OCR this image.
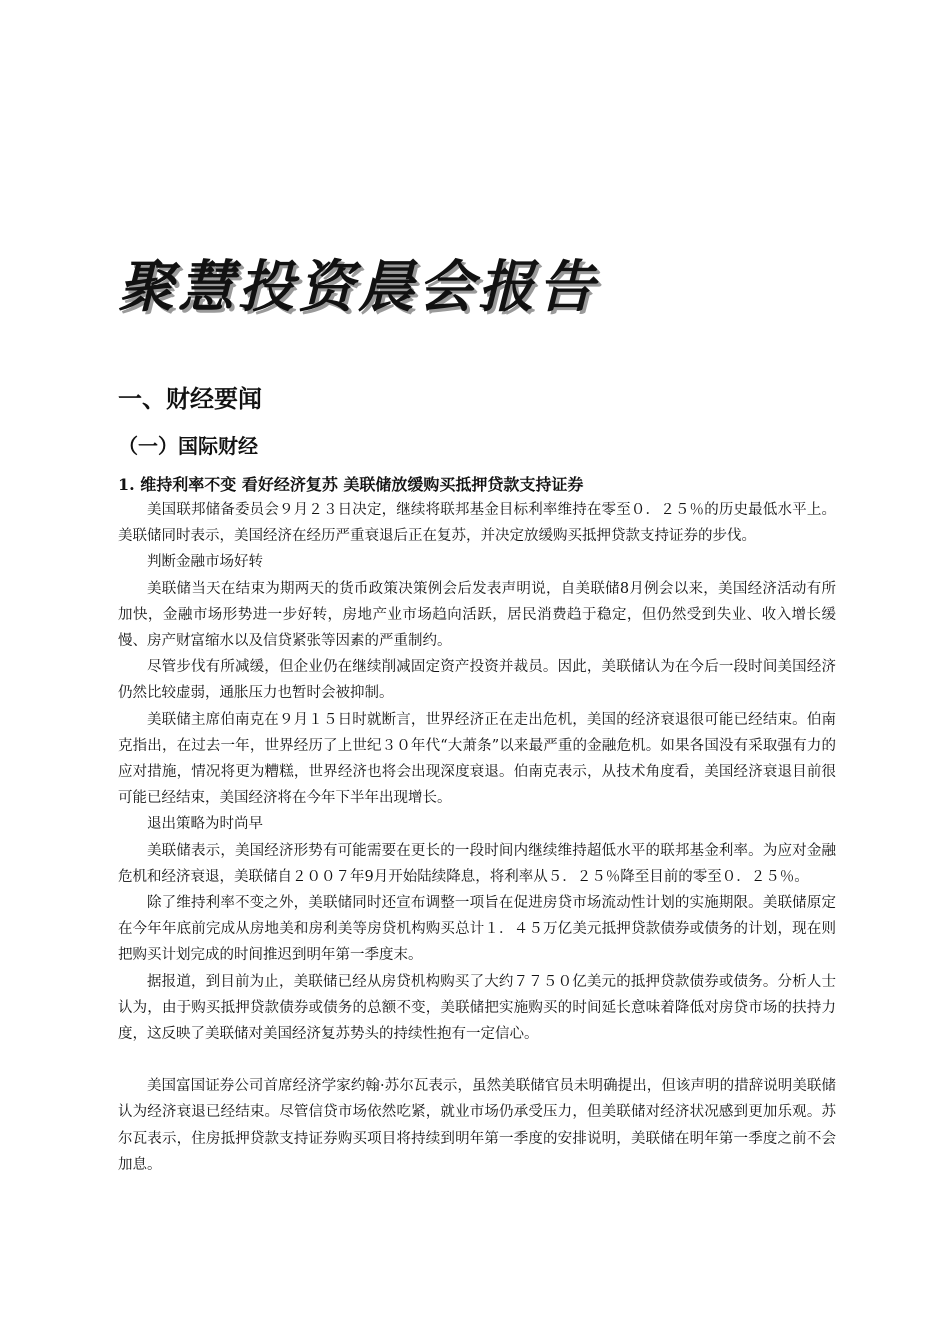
聚慧投资晨会报告
一、财经要闻
（一）国际财经
1. 维持利率不变 看好经济复苏 美联储放缓购买抵押贷款支持证券

美国联邦储备委员会９月２３日决定，继续将联邦基金目标利率维持在零至０．２５％的历史最低水平上。美联储同时表示，美国经济在经历严重衰退后正在复苏，并决定放缓购买抵押贷款支持证券的步伐。

判断金融市场好转

美联储当天在结束为期两天的货币政策决策例会后发表声明说，自美联储8月例会以来，美国经济活动有所加快，金融市场形势进一步好转，房地产业市场趋向活跃，居民消费趋于稳定，但仍然受到失业、收入增长缓慢、房产财富缩水以及信贷紧张等因素的严重制约。

尽管步伐有所减缓，但企业仍在继续削减固定资产投资并裁员。因此，美联储认为在今后一段时间美国经济仍然比较虚弱，通胀压力也暂时会被抑制。

美联储主席伯南克在９月１５日时就断言，世界经济正在走出危机，美国的经济衰退很可能已经结束。伯南克指出，在过去一年，世界经历了上世纪３０年代“大萧条”以来最严重的金融危机。如果各国没有采取强有力的应对措施，情况将更为糟糕，世界经济也将会出现深度衰退。伯南克表示，从技术角度看，美国经济衰退目前很可能已经结束，美国经济将在今年下半年出现增长。

退出策略为时尚早

美联储表示，美国经济形势有可能需要在更长的一段时间内继续维持超低水平的联邦基金利率。为应对金融危机和经济衰退，美联储自２００７年9月开始陆续降息，将利率从５．２５％降至目前的零至０．２５％。

除了维持利率不变之外，美联储同时还宣布调整一项旨在促进房贷市场流动性计划的实施期限。美联储原定在今年年底前完成从房地美和房利美等房贷机构购买总计１．４５万亿美元抵押贷款债券或债务的计划，现在则把购买计划完成的时间推迟到明年第一季度末。

据报道，到目前为止，美联储已经从房贷机构购买了大约７７５０亿美元的抵押贷款债券或债务。分析人士认为，由于购买抵押贷款债券或债务的总额不变，美联储把实施购买的时间延长意味着降低对房贷市场的扶持力度，这反映了美联储对美国经济复苏势头的持续性抱有一定信心。

美国富国证券公司首席经济学家约翰·苏尔瓦表示，虽然美联储官员未明确提出，但该声明的措辞说明美联储认为经济衰退已经结束。尽管信贷市场依然吃紧，就业市场仍承受压力，但美联储对经济状况感到更加乐观。苏尔瓦表示，住房抵押贷款支持证券购买项目将持续到明年第一季度的安排说明，美联储在明年第一季度之前不会加息。
